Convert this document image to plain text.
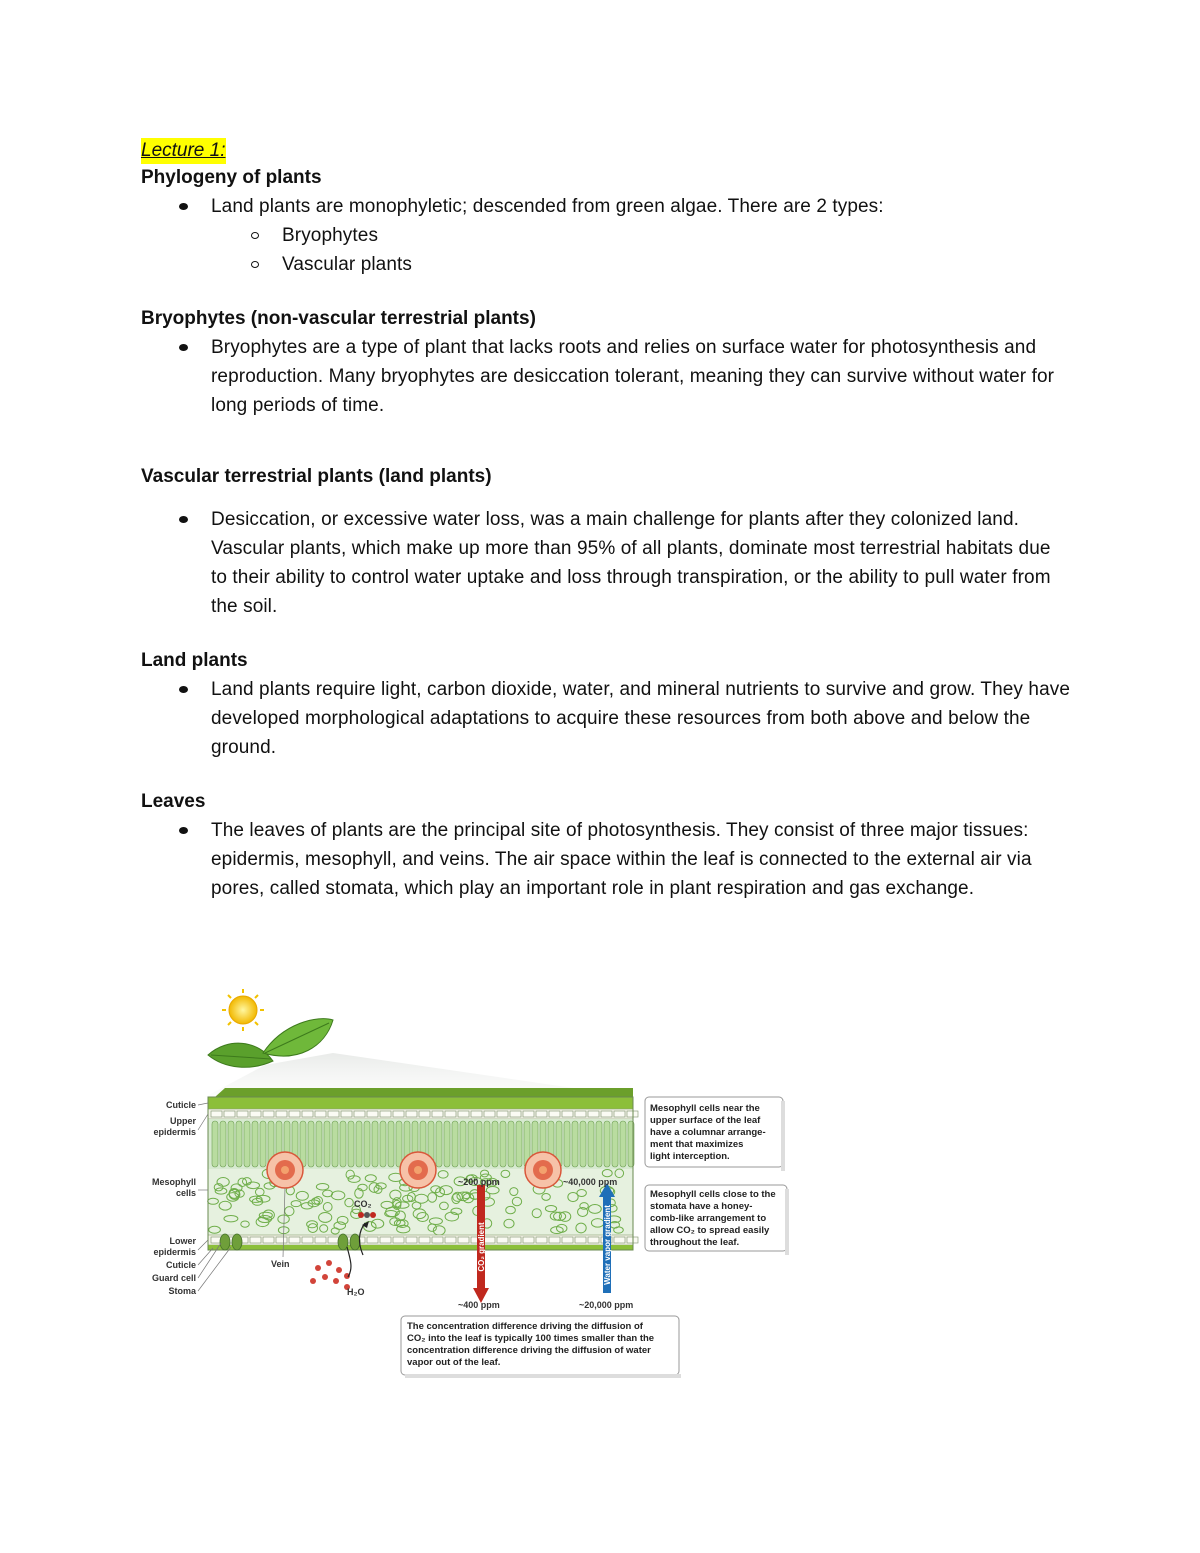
Lecture 1:
Phylogeny of plants
Land plants are monophyletic; descended from green algae. There are 2 types:
Bryophytes
Vascular plants
Bryophytes (non-vascular terrestrial plants)
Bryophytes are a type of plant that lacks roots and relies on surface water for photosynthesis and reproduction. Many bryophytes are desiccation tolerant, meaning they can survive without water for long periods of time.
Vascular terrestrial plants (land plants)
Desiccation, or excessive water loss, was a main challenge for plants after they colonized land. Vascular plants, which make up more than 95% of all plants, dominate most terrestrial habitats due to their ability to control water uptake and loss through transpiration, or the ability to pull water from the soil.
Land plants
Land plants require light, carbon dioxide, water, and mineral nutrients to survive and grow. They have developed morphological adaptations to acquire these resources from both above and below the ground.
Leaves
The leaves of plants are the principal site of photosynthesis. They consist of three major tissues: epidermis, mesophyll, and veins. The air space within the leaf is connected to the external air via pores, called stomata, which play an important role in plant respiration and gas exchange.
CO₂ gradient	Water vapor gradient
CO₂
H₂O
~200 ppm	~40,000 ppm
~400 ppm	~20,000 ppm
Cuticle
Upper
epidermis
Mesophyll
cells
Lower
epidermis
Cuticle
Guard cell
Stoma
Vein
Mesophyll cells near the
upper surface of the leaf
have a columnar arrange-
ment that maximizes
light interception.
Mesophyll cells close to the
stomata have a honey-
comb-like arrangement to
allow CO₂ to spread easily
throughout the leaf.
The concentration difference driving the diffusion of
CO₂ into the leaf is typically 100 times smaller than the
concentration difference driving the diffusion of water
vapor out of the leaf.
